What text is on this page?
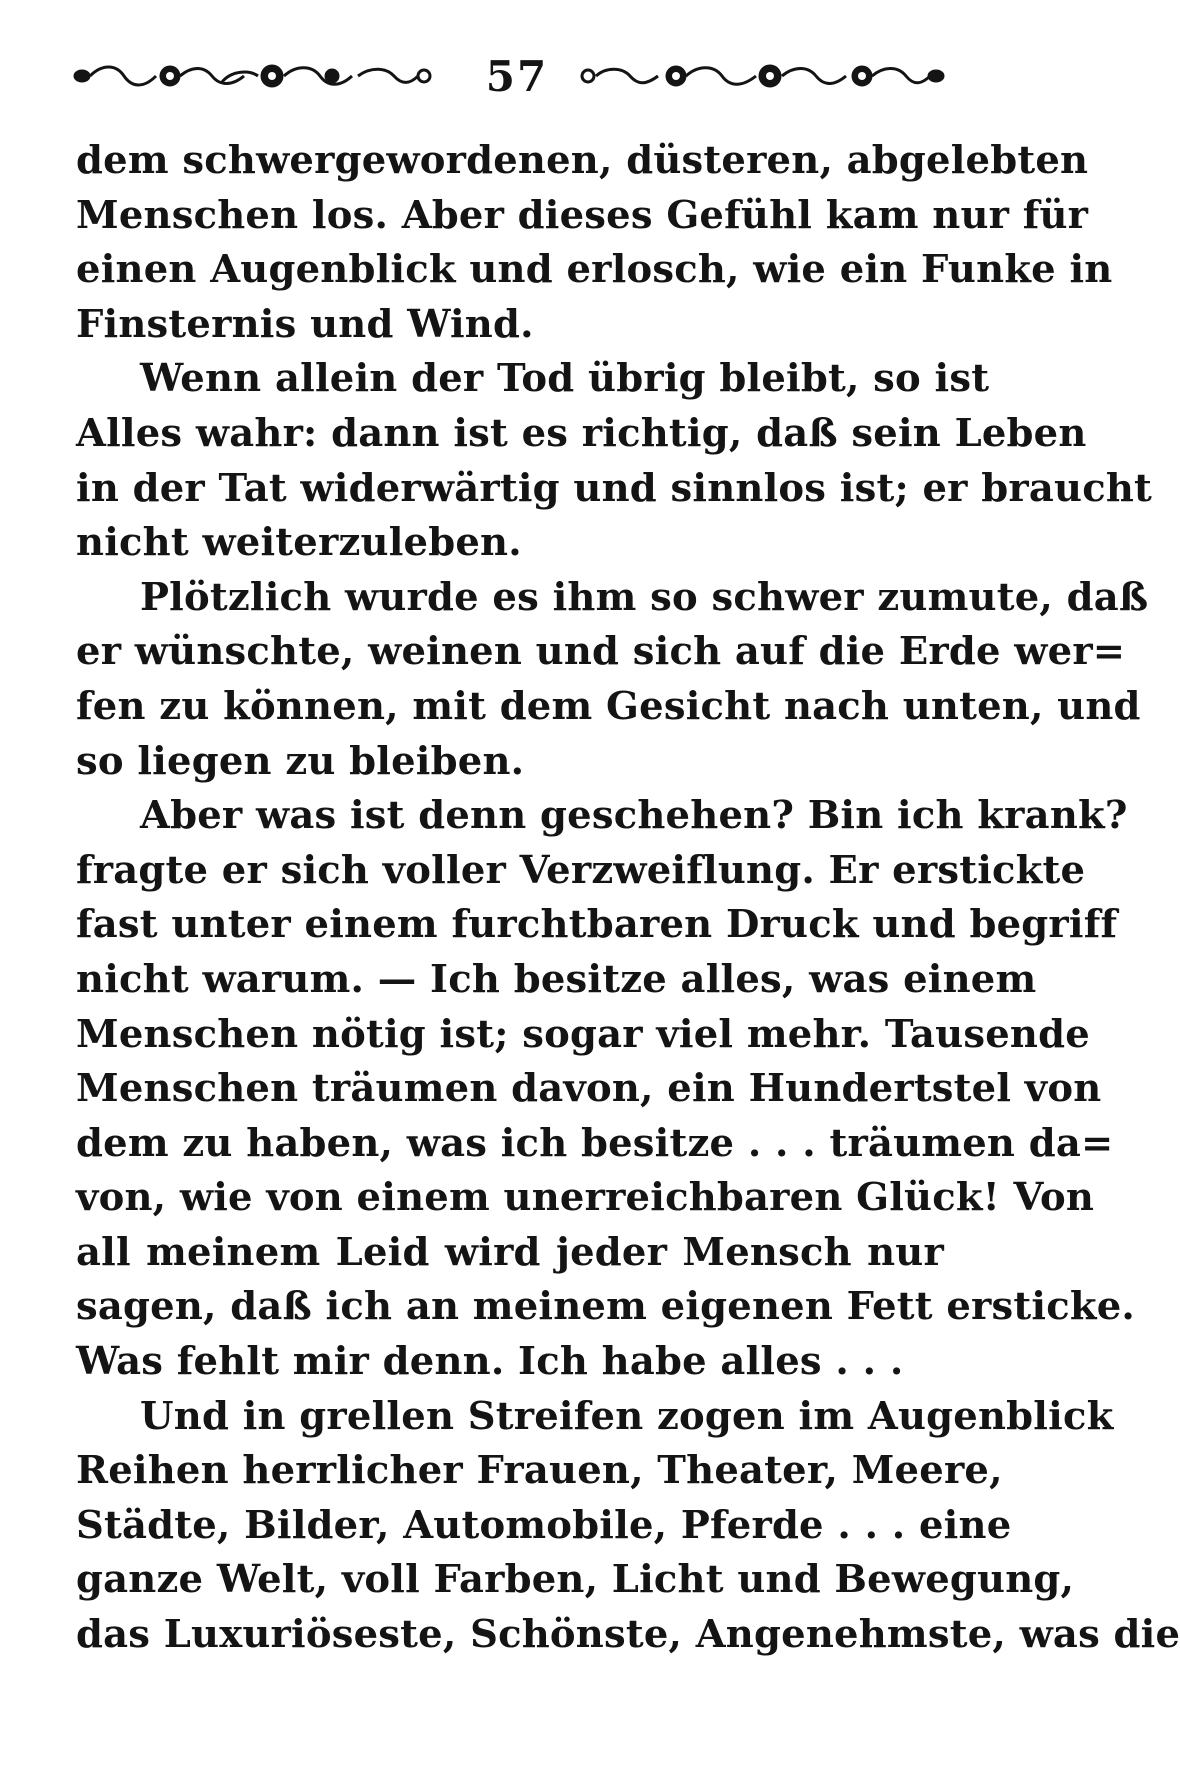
57
dem schwergewordenen, düsteren, abgelebten
Menschen los. Aber dieses Gefühl kam nur für
einen Augenblick und erlosch, wie ein Funke in
Finsternis und Wind.
Wenn allein der Tod übrig bleibt, so ist
Alles wahr: dann ist es richtig, daß sein Leben
in der Tat widerwärtig und sinnlos ist; er braucht
nicht weiterzuleben.
Plötzlich wurde es ihm so schwer zumute, daß
er wünschte, weinen und sich auf die Erde wer=
fen zu können, mit dem Gesicht nach unten, und
so liegen zu bleiben.
Aber was ist denn geschehen? Bin ich krank?
fragte er sich voller Verzweiflung. Er erstickte
fast unter einem furchtbaren Druck und begriff
nicht warum. — Ich besitze alles, was einem
Menschen nötig ist; sogar viel mehr. Tausende
Menschen träumen davon, ein Hundertstel von
dem zu haben, was ich besitze . . . träumen da=
von, wie von einem unerreichbaren Glück! Von
all meinem Leid wird jeder Mensch nur
sagen, daß ich an meinem eigenen Fett ersticke.
Was fehlt mir denn. Ich habe alles . . .
Und in grellen Streifen zogen im Augenblick
Reihen herrlicher Frauen, Theater, Meere,
Städte, Bilder, Automobile, Pferde . . . eine
ganze Welt, voll Farben, Licht und Bewegung,
das Luxuriöseste, Schönste, Angenehmste, was die
